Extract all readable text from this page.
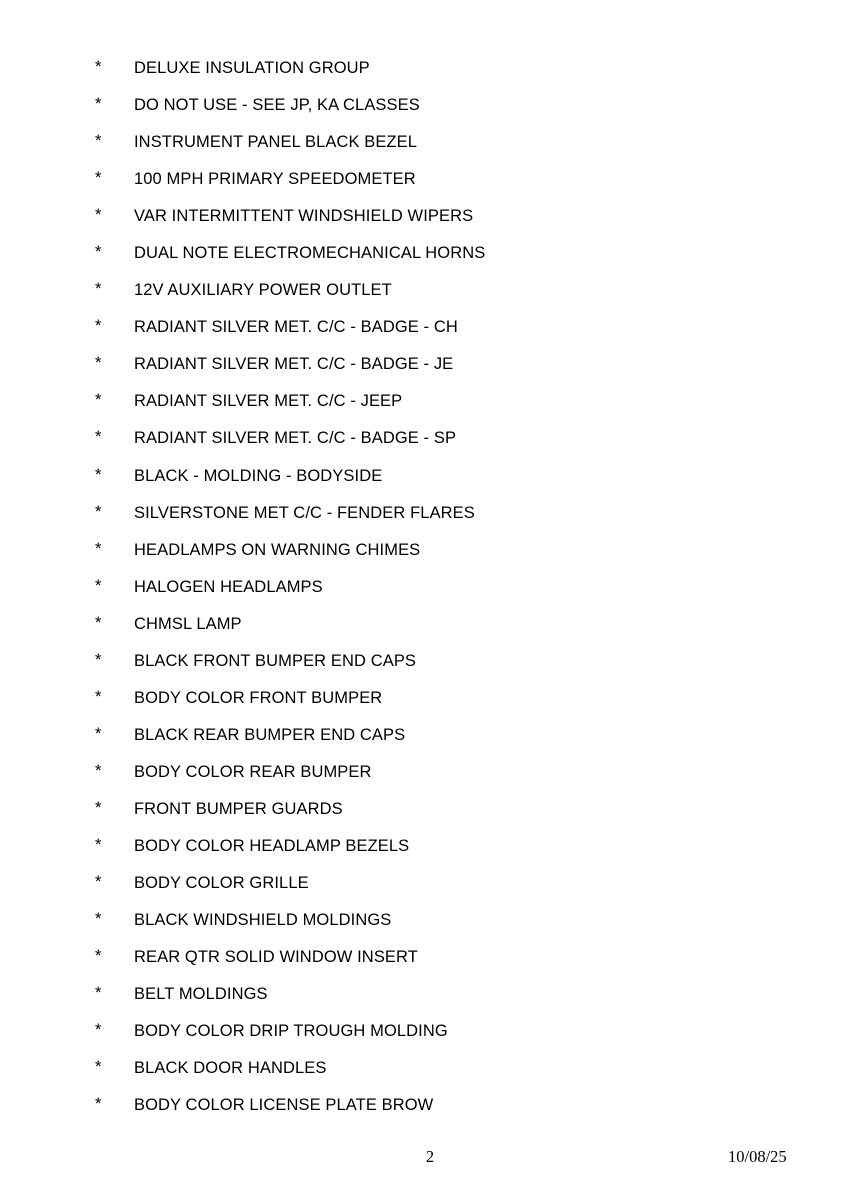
* DELUXE INSULATION GROUP
* DO NOT USE - SEE JP, KA CLASSES
* INSTRUMENT PANEL BLACK BEZEL
* 100 MPH PRIMARY SPEEDOMETER
* VAR INTERMITTENT WINDSHIELD WIPERS
* DUAL NOTE ELECTROMECHANICAL HORNS
* 12V AUXILIARY POWER OUTLET
* RADIANT SILVER MET. C/C - BADGE - CH
* RADIANT SILVER MET. C/C - BADGE - JE
* RADIANT SILVER MET. C/C - JEEP
* RADIANT SILVER MET. C/C - BADGE - SP
* BLACK - MOLDING - BODYSIDE
* SILVERSTONE MET C/C - FENDER FLARES
* HEADLAMPS ON WARNING CHIMES
* HALOGEN HEADLAMPS
* CHMSL LAMP
* BLACK FRONT BUMPER END CAPS
* BODY COLOR FRONT BUMPER
* BLACK REAR BUMPER END CAPS
* BODY COLOR REAR BUMPER
* FRONT BUMPER GUARDS
* BODY COLOR HEADLAMP BEZELS
* BODY COLOR GRILLE
* BLACK WINDSHIELD MOLDINGS
* REAR QTR SOLID WINDOW INSERT
* BELT MOLDINGS
* BODY COLOR DRIP TROUGH MOLDING
* BLACK DOOR HANDLES
* BODY COLOR LICENSE PLATE BROW
2	10/08/25
